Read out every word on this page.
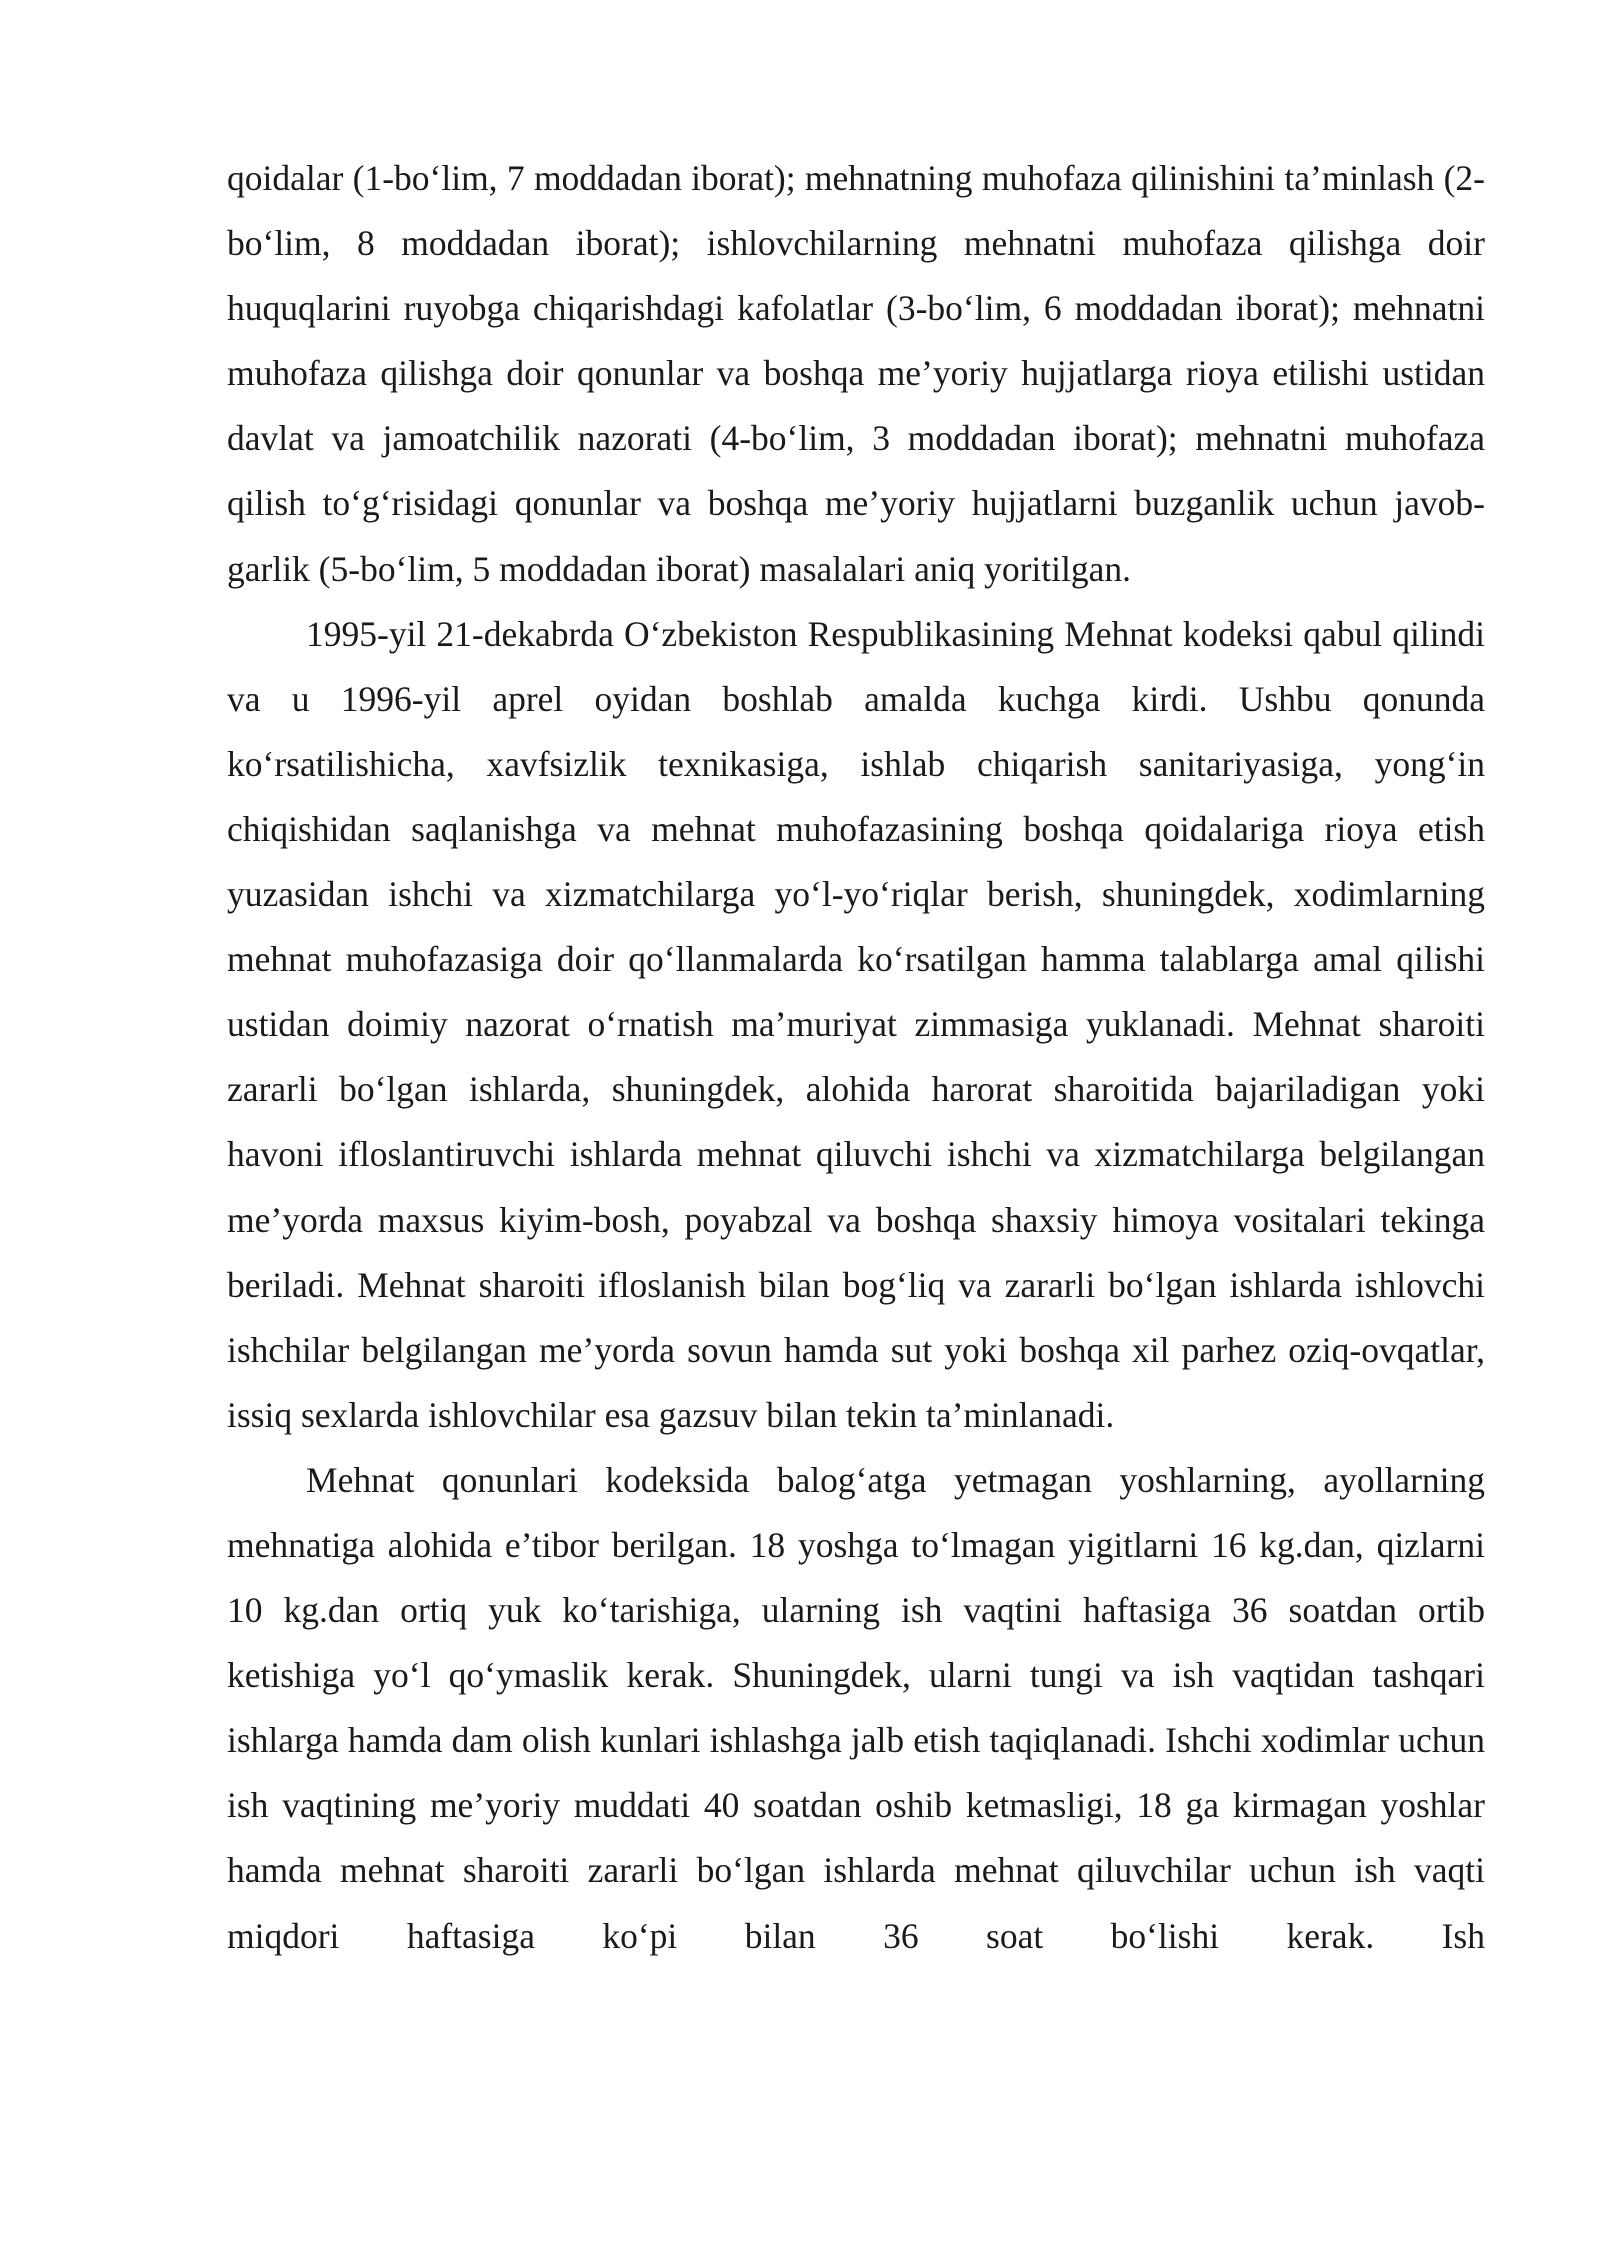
qoidalar (1-bo‘lim, 7 moddadan iborat); mehnatning muhofaza qilinishini ta’minlash (2-bo‘lim, 8 moddadan iborat); ishlovchilarning mehnatni muhofaza qilishga doir huquqlarini ruyobga chiqarishdagi kafolatlar (3-bo‘lim, 6 moddadan iborat); mehnatni muhofaza qilishga doir qonunlar va boshqa me’yoriy hujjatlarga rioya etilishi ustidan davlat va jamoatchilik nazorati (4-bo‘lim, 3 moddadan iborat); mehnatni muhofaza qilish to‘g‘risidagi qonunlar va boshqa me’yoriy hujjatlarni buzganlik uchun javob-garlik (5-bo‘lim, 5 moddadan iborat) masalalari aniq yoritilgan.

1995-yil 21-dekabrda O‘zbekiston Respublikasining Mehnat kodeksi qabul qilindi va u 1996-yil aprel oyidan boshlab amalda kuchga kirdi. Ushbu qonunda ko‘rsatilishicha, xavfsizlik texnikasiga, ishlab chiqarish sanitariyasiga, yong‘in chiqishidan saqlanishga va mehnat muhofazasining boshqa qoidalariga rioya etish yuzasidan ishchi va xizmatchilarga yo‘l-yo‘riqlar berish, shuningdek, xodimlarning mehnat muhofazasiga doir qo‘llanmalarda ko‘rsatilgan hamma talablarga amal qilishi ustidan doimiy nazorat o‘rnatish ma’muriyat zimmasiga yuklanadi. Mehnat sharoiti zararli bo‘lgan ishlarda, shuningdek, alohida harorat sharoitida bajariladigan yoki havoni ifloslantiruvchi ishlarda mehnat qiluvchi ishchi va xizmatchilarga belgilangan me’yorda maxsus kiyim-bosh, poyabzal va boshqa shaxsiy himoya vositalari tekinga beriladi. Mehnat sharoiti ifloslanish bilan bog‘liq va zararli bo‘lgan ishlarda ishlovchi ishchilar belgilangan me’yorda sovun hamda sut yoki boshqa xil parhez oziq-ovqatlar, issiq sexlarda ishlovchilar esa gazsuv bilan tekin ta’minlanadi.

Mehnat qonunlari kodeksida balog‘atga yetmagan yoshlarning, ayollarning mehnatiga alohida e’tibor berilgan. 18 yoshga to‘lmagan yigitlarni 16 kg.dan, qizlarni 10 kg.dan ortiq yuk ko‘tarishiga, ularning ish vaqtini haftasiga 36 soatdan ortib ketishiga yo‘l qo‘ymaslik kerak. Shuningdek, ularni tungi va ish vaqtidan tashqari ishlarga hamda dam olish kunlari ishlashga jalb etish taqiqlanadi. Ishchi xodimlar uchun ish vaqtining me’yoriy muddati 40 soatdan oshib ketmasligi, 18 ga kirmagan yoshlar hamda mehnat sharoiti zararli bo‘lgan ishlarda mehnat qiluvchilar uchun ish vaqti miqdori haftasiga ko‘pi bilan 36 soat bo‘lishi kerak. Ish
